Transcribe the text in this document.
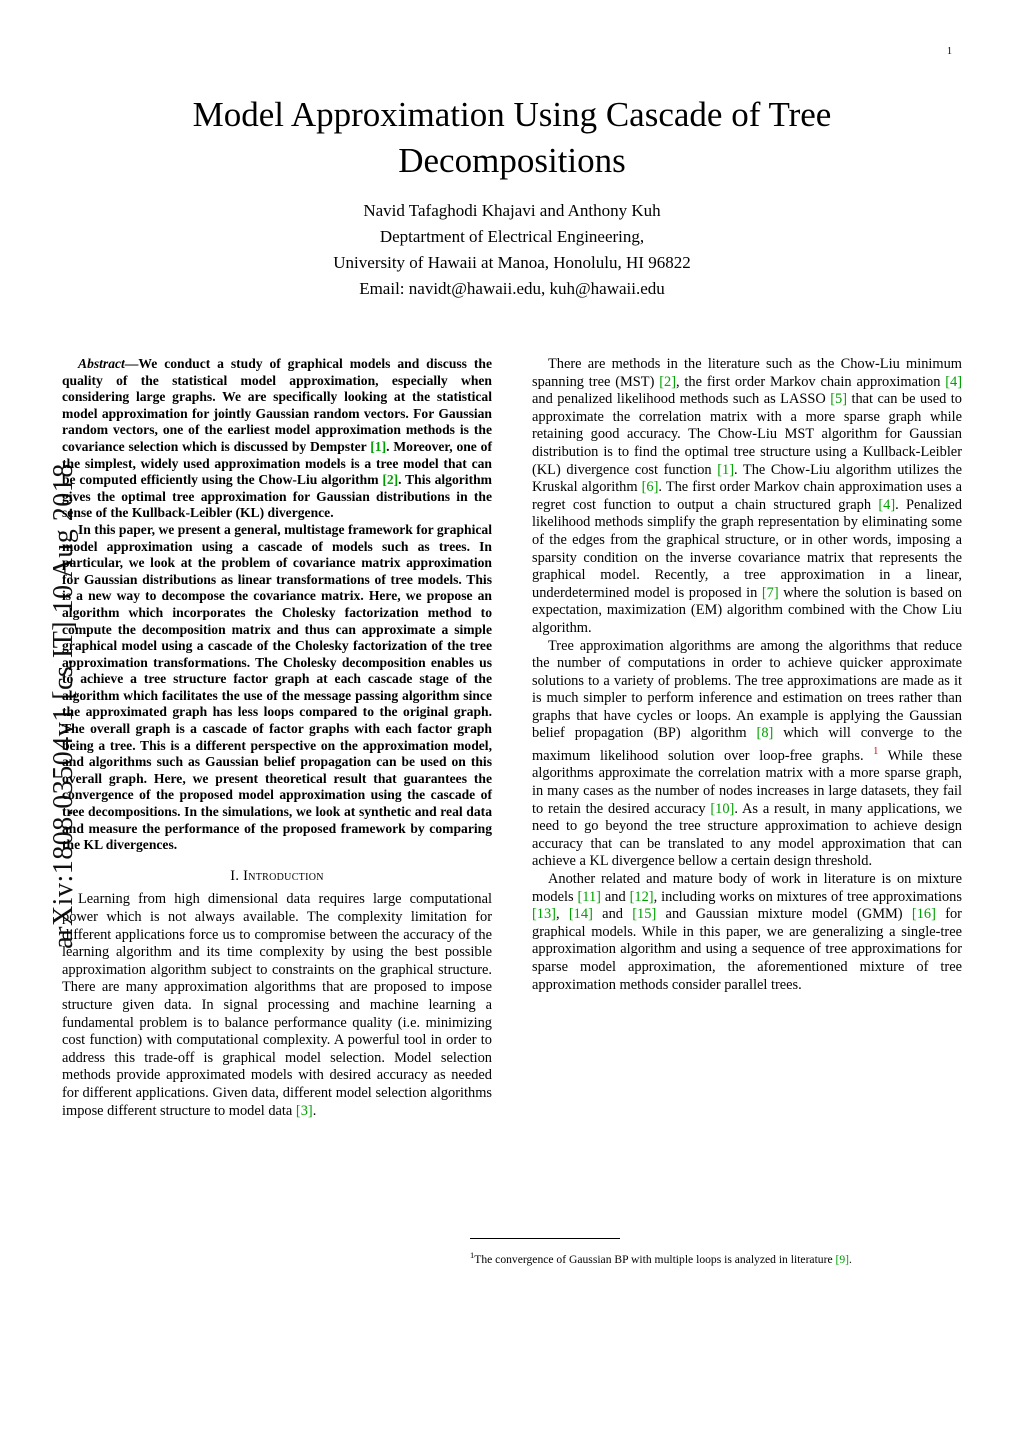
1
arXiv:1808.03504v1 [cs.IT] 10 Aug 2018
Model Approximation Using Cascade of Tree Decompositions
Navid Tafaghodi Khajavi and Anthony Kuh
Deptartment of Electrical Engineering,
University of Hawaii at Manoa, Honolulu, HI 96822
Email: navidt@hawaii.edu, kuh@hawaii.edu
Abstract—We conduct a study of graphical models and discuss the quality of the statistical model approximation, especially when considering large graphs. We are specifically looking at the statistical model approximation for jointly Gaussian random vectors. For Gaussian random vectors, one of the earliest model approximation methods is the covariance selection which is discussed by Dempster [1]. Moreover, one of the simplest, widely used approximation models is a tree model that can be computed efficiently using the Chow-Liu algorithm [2]. This algorithm gives the optimal tree approximation for Gaussian distributions in the sense of the Kullback-Leibler (KL) divergence.
In this paper, we present a general, multistage framework for graphical model approximation using a cascade of models such as trees. In particular, we look at the problem of covariance matrix approximation for Gaussian distributions as linear transformations of tree models. This is a new way to decompose the covariance matrix. Here, we propose an algorithm which incorporates the Cholesky factorization method to compute the decomposition matrix and thus can approximate a simple graphical model using a cascade of the Cholesky factorization of the tree approximation transformations. The Cholesky decomposition enables us to achieve a tree structure factor graph at each cascade stage of the algorithm which facilitates the use of the message passing algorithm since the approximated graph has less loops compared to the original graph. The overall graph is a cascade of factor graphs with each factor graph being a tree. This is a different perspective on the approximation model, and algorithms such as Gaussian belief propagation can be used on this overall graph. Here, we present theoretical result that guarantees the convergence of the proposed model approximation using the cascade of tree decompositions. In the simulations, we look at synthetic and real data and measure the performance of the proposed framework by comparing the KL divergences.
I. Introduction

Learning from high dimensional data requires large computational power which is not always available. The complexity limitation for different applications force us to compromise between the accuracy of the learning algorithm and its time complexity by using the best possible approximation algorithm subject to constraints on the graphical structure. There are many approximation algorithms that are proposed to impose structure given data. In signal processing and machine learning a fundamental problem is to balance performance quality (i.e. minimizing cost function) with computational complexity. A powerful tool in order to address this trade-off is graphical model selection. Model selection methods provide approximated models with desired accuracy as needed for different applications. Given data, different model selection algorithms impose different structure to model data [3].

There are methods in the literature such as the Chow-Liu minimum spanning tree (MST) [2], the first order Markov chain approximation [4] and penalized likelihood methods such as LASSO [5] that can be used to approximate the correlation matrix with a more sparse graph while retaining good accuracy. The Chow-Liu MST algorithm for Gaussian distribution is to find the optimal tree structure using a Kullback-Leibler (KL) divergence cost function [1]. The Chow-Liu algorithm utilizes the Kruskal algorithm [6]. The first order Markov chain approximation uses a regret cost function to output a chain structured graph [4]. Penalized likelihood methods simplify the graph representation by eliminating some of the edges from the graphical structure, or in other words, imposing a sparsity condition on the inverse covariance matrix that represents the graphical model. Recently, a tree approximation in a linear, underdetermined model is proposed in [7] where the solution is based on expectation, maximization (EM) algorithm combined with the Chow Liu algorithm.

Tree approximation algorithms are among the algorithms that reduce the number of computations in order to achieve quicker approximate solutions to a variety of problems. The tree approximations are made as it is much simpler to perform inference and estimation on trees rather than graphs that have cycles or loops. An example is applying the Gaussian belief propagation (BP) algorithm [8] which will converge to the maximum likelihood solution over loop-free graphs. $^1$ While these algorithms approximate the correlation matrix with a more sparse graph, in many cases as the number of nodes increases in large datasets, they fail to retain the desired accuracy [10]. As a result, in many applications, we need to go beyond the tree structure approximation to achieve design accuracy that can be translated to any model approximation that can achieve a KL divergence bellow a certain design threshold.

Another related and mature body of work in literature is on mixture models [11] and [12], including works on mixtures of tree approximations [13], [14] and [15] and Gaussian mixture model (GMM) [16] for graphical models. While in this paper, we are generalizing a single-tree approximation algorithm and using a sequence of tree approximations for sparse model approximation, the aforementioned mixture of tree approximation methods consider parallel trees.

$^1$The convergence of Gaussian BP with multiple loops is analyzed in literature [9].
